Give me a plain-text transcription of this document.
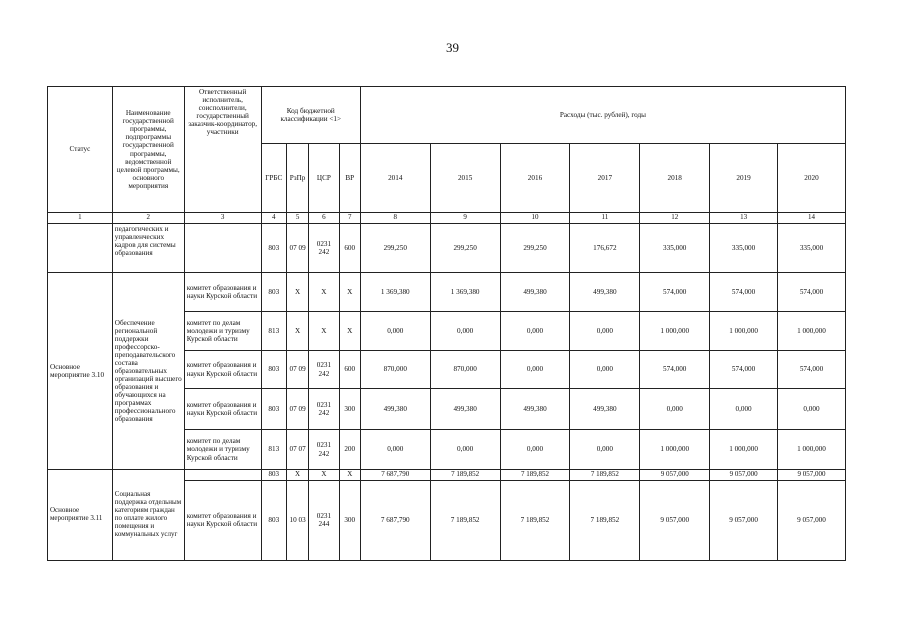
39
Статус	Наименование государственной программы, подпрограммы государственной программы, ведомственной целевой программы, основного мероприятия	Ответственный исполнитель, соисполнители, государственный заказчик-координатор, участники	Код бюджетной классификации <1>				Расходы (тыс. рублей), годы						
			ГРБС	РзПр	ЦСР	ВР	2014	2015	2016	2017	2018	2019	2020
1	2	3	4	5	6	7	8	9	10	11	12	13	14
	педагогических и управленческих кадров для системы образования		803	07 09	0231 242	600	299,250	299,250	299,250	176,672	335,000	335,000	335,000
Основное мероприятие 3.10	Обеспечение региональной поддержки профессорско-преподавательского состава образовательных организаций высшего образования и обучающихся на программах профессионального образования	комитет образования и науки Курской области	803	Х	Х	Х	1 369,380	1 369,380	499,380	499,380	574,000	574,000	574,000
		комитет по делам молодежи и туризму Курской области	813	Х	Х	Х	0,000	0,000	0,000	0,000	1 000,000	1 000,000	1 000,000
		комитет образования и науки Курской области	803	07 09	0231 242	600	870,000	870,000	0,000	0,000	574,000	574,000	574,000
		комитет образования и науки Курской области	803	07 09	0231 242	300	499,380	499,380	499,380	499,380	0,000	0,000	0,000
		комитет по делам молодежи и туризму Курской области	813	07 07	0231 242	200	0,000	0,000	0,000	0,000	1 000,000	1 000,000	1 000,000
Основное мероприятие 3.11	Социальная поддержка отдельным категориям граждан по оплате жилого помещения и коммунальных услуг		803	Х	Х	Х	7 687,790	7 189,852	7 189,852	7 189,852	9 057,000	9 057,000	9 057,000
		комитет образования и науки Курской области	803	10 03	0231 244	300	7 687,790	7 189,852	7 189,852	7 189,852	9 057,000	9 057,000	9 057,000
